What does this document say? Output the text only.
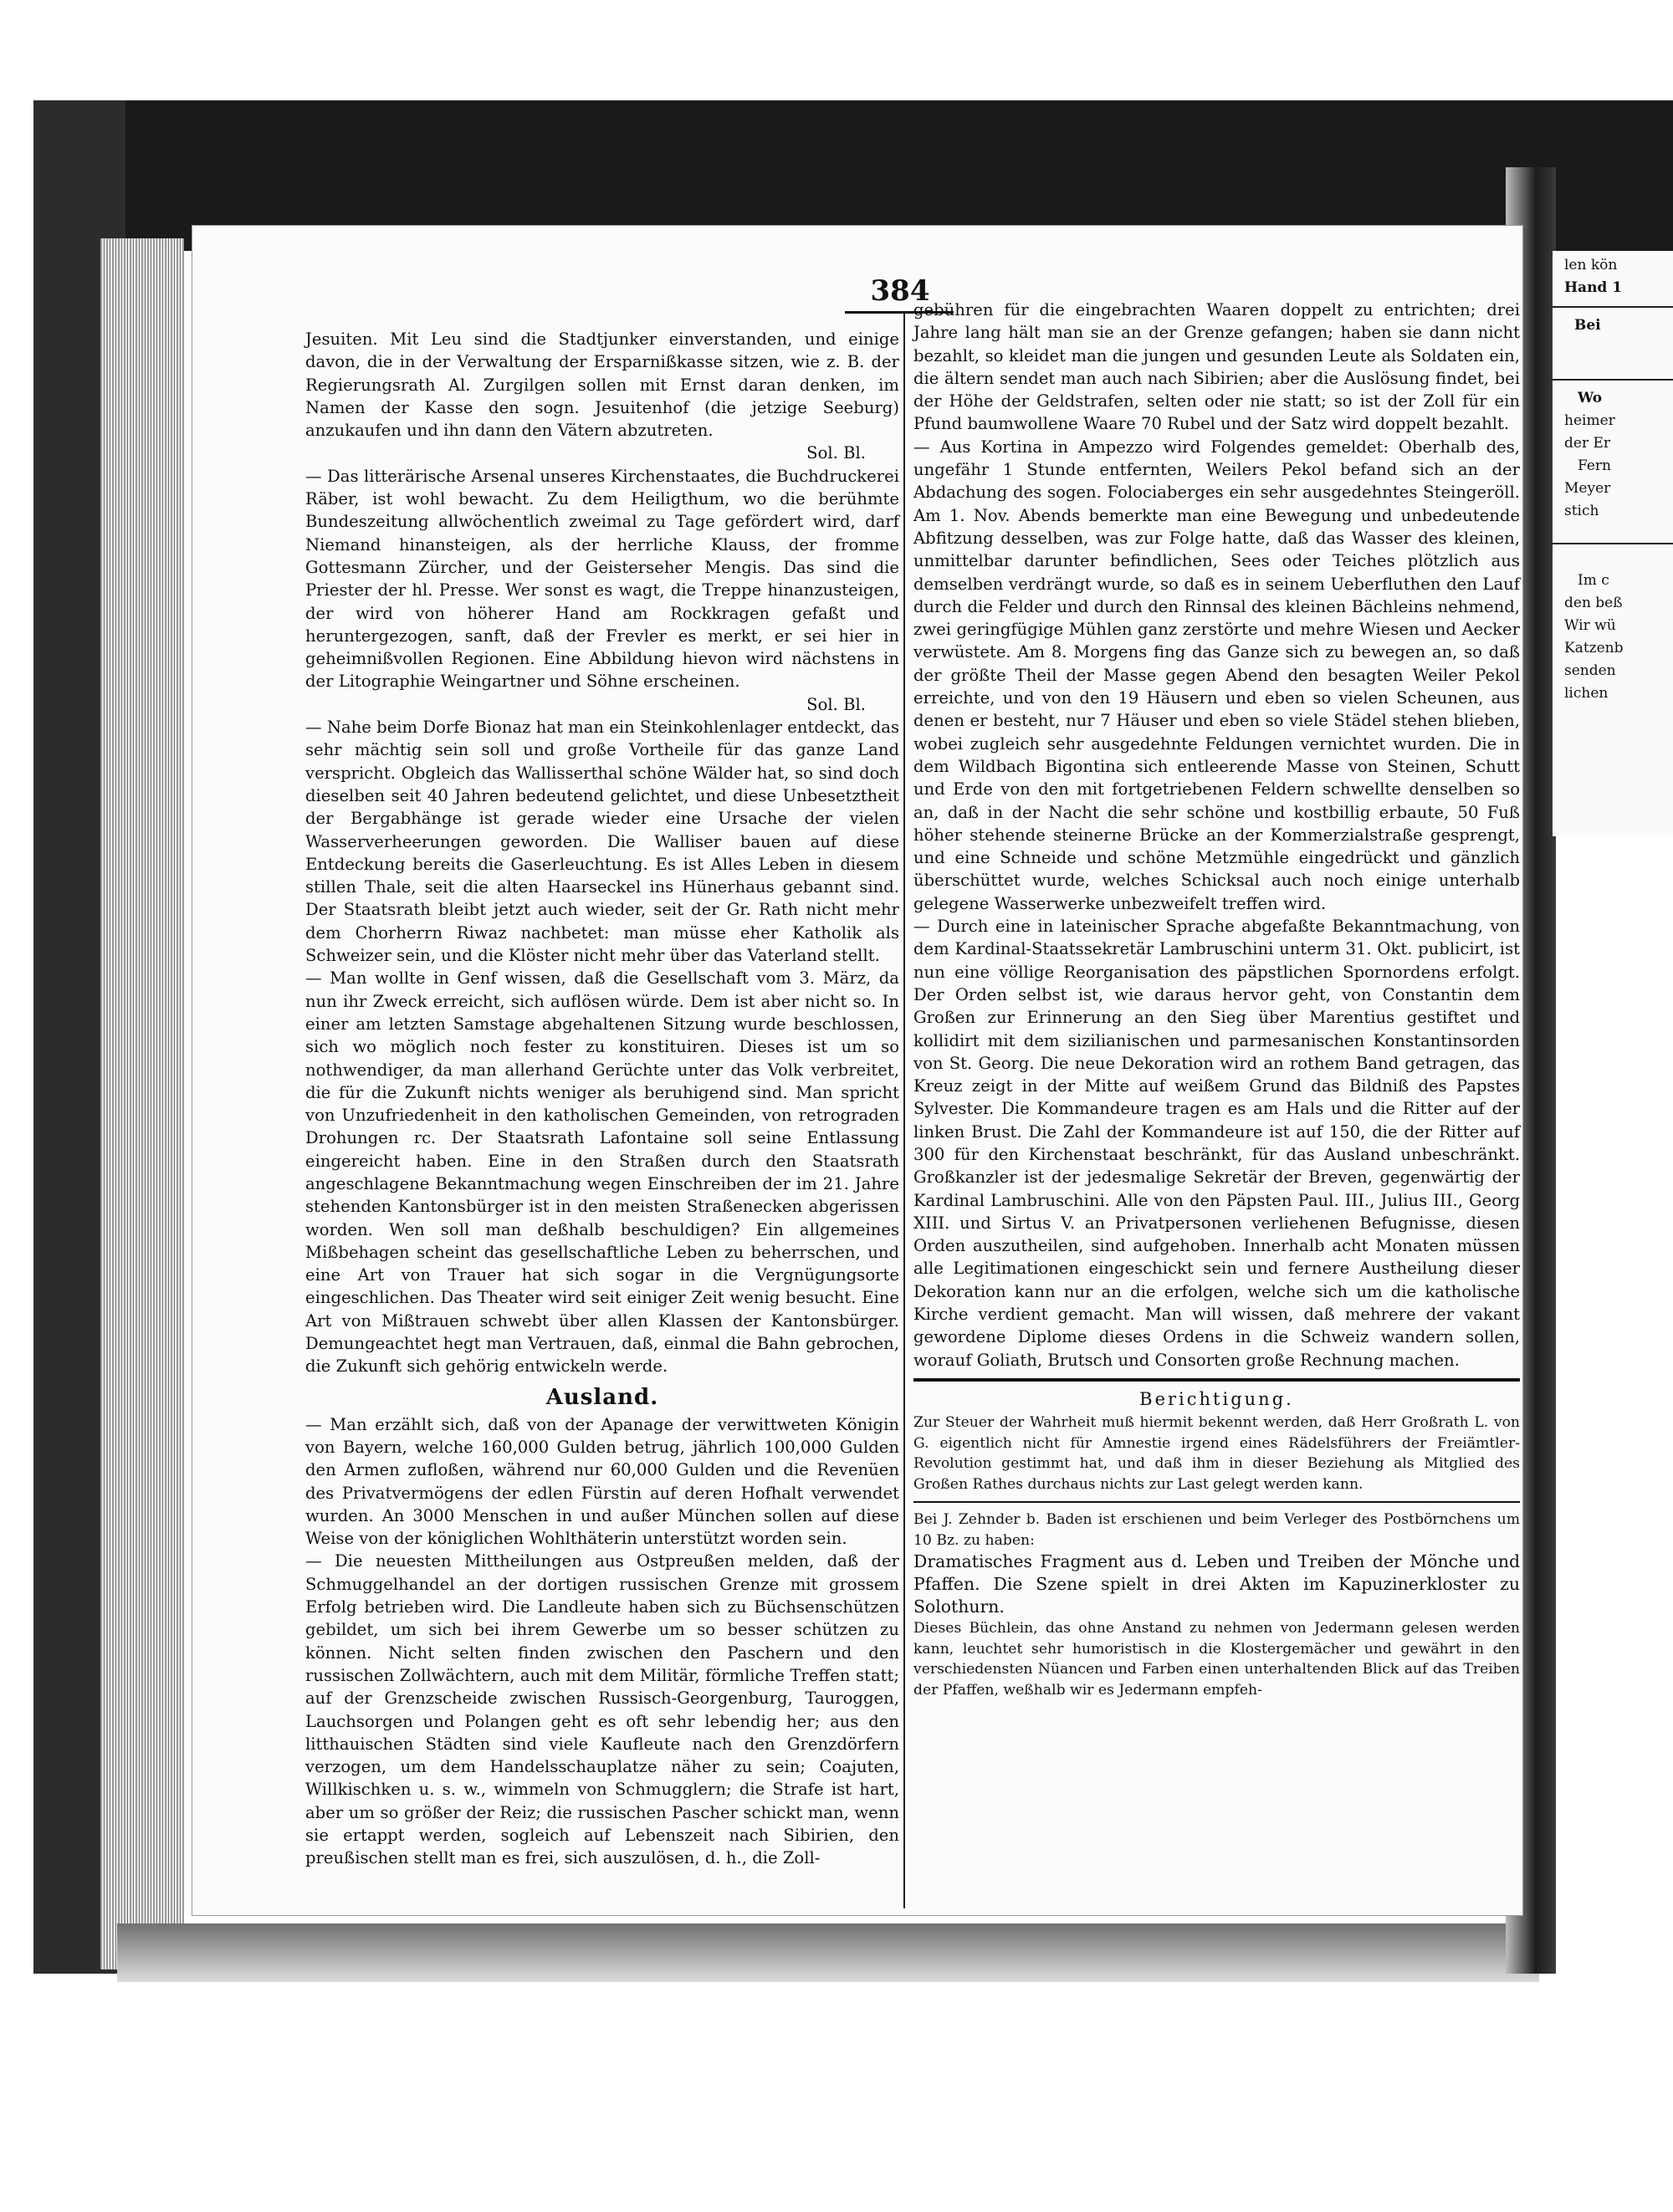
len kön
Hand 1
Bei
Wo
heimer
der Er
Fern
Meyer
stich
Im c
den beß
Wir wü
Katzenb
senden
lichen
384

Jesuiten. Mit Leu sind die Stadtjunker einverstanden, und einige davon, die in der Verwaltung der Ersparnißkasse sitzen, wie z. B. der Regierungsrath Al. Zurgilgen sollen mit Ernst daran denken, im Namen der Kasse den sogn. Jesuitenhof (die jetzige Seeburg) anzukaufen und ihn dann den Vätern abzutreten.

Sol. Bl.

— Das litterärische Arsenal unseres Kirchenstaates, die Buchdruckerei Räber, ist wohl bewacht. Zu dem Heiligthum, wo die berühmte Bundeszeitung allwöchentlich zweimal zu Tage gefördert wird, darf Niemand hinansteigen, als der herrliche Klauss, der fromme Gottesmann Zürcher, und der Geisterseher Mengis. Das sind die Priester der hl. Presse. Wer sonst es wagt, die Treppe hinanzusteigen, der wird von höherer Hand am Rockkragen gefaßt und heruntergezogen, sanft, daß der Frevler es merkt, er sei hier in geheimnißvollen Regionen. Eine Abbildung hievon wird nächstens in der Litographie Weingartner und Söhne erscheinen.

Sol. Bl.

— Nahe beim Dorfe Bionaz hat man ein Steinkohlenlager entdeckt, das sehr mächtig sein soll und große Vortheile für das ganze Land verspricht. Obgleich das Wallisserthal schöne Wälder hat, so sind doch dieselben seit 40 Jahren bedeutend gelichtet, und diese Unbesetztheit der Bergabhänge ist gerade wieder eine Ursache der vielen Wasserverheerungen geworden. Die Walliser bauen auf diese Entdeckung bereits die Gaserleuchtung. Es ist Alles Leben in diesem stillen Thale, seit die alten Haarseckel ins Hünerhaus gebannt sind. Der Staatsrath bleibt jetzt auch wieder, seit der Gr. Rath nicht mehr dem Chorherrn Riwaz nachbetet: man müsse eher Katholik als Schweizer sein, und die Klöster nicht mehr über das Vaterland stellt.

— Man wollte in Genf wissen, daß die Gesellschaft vom 3. März, da nun ihr Zweck erreicht, sich auflösen würde. Dem ist aber nicht so. In einer am letzten Samstage abgehaltenen Sitzung wurde beschlossen, sich wo möglich noch fester zu konstituiren. Dieses ist um so nothwendiger, da man allerhand Gerüchte unter das Volk verbreitet, die für die Zukunft nichts weniger als beruhigend sind. Man spricht von Unzufriedenheit in den katholischen Gemeinden, von retrograden Drohungen rc. Der Staatsrath Lafontaine soll seine Entlassung eingereicht haben. Eine in den Straßen durch den Staatsrath angeschlagene Bekanntmachung wegen Einschreiben der im 21. Jahre stehenden Kantonsbürger ist in den meisten Straßenecken abgerissen worden. Wen soll man deßhalb beschuldigen? Ein allgemeines Mißbehagen scheint das gesellschaftliche Leben zu beherrschen, und eine Art von Trauer hat sich sogar in die Vergnügungsorte eingeschlichen. Das Theater wird seit einiger Zeit wenig besucht. Eine Art von Mißtrauen schwebt über allen Klassen der Kantonsbürger. Demungeachtet hegt man Vertrauen, daß, einmal die Bahn gebrochen, die Zukunft sich gehörig entwickeln werde.

Ausland.

— Man erzählt sich, daß von der Apanage der verwittweten Königin von Bayern, welche 160,000 Gulden betrug, jährlich 100,000 Gulden den Armen zufloßen, während nur 60,000 Gulden und die Revenüen des Privatvermögens der edlen Fürstin auf deren Hofhalt verwendet wurden. An 3000 Menschen in und außer München sollen auf diese Weise von der königlichen Wohlthäterin unterstützt worden sein.

— Die neuesten Mittheilungen aus Ostpreußen melden, daß der Schmuggelhandel an der dortigen russischen Grenze mit grossem Erfolg betrieben wird. Die Landleute haben sich zu Büchsenschützen gebildet, um sich bei ihrem Gewerbe um so besser schützen zu können. Nicht selten finden zwischen den Paschern und den russischen Zollwächtern, auch mit dem Militär, förmliche Treffen statt; auf der Grenzscheide zwischen Russisch-Georgenburg, Tauroggen, Lauchsorgen und Polangen geht es oft sehr lebendig her; aus den litthauischen Städten sind viele Kaufleute nach den Grenzdörfern verzogen, um dem Handelsschauplatze näher zu sein; Coajuten, Willkischken u. s. w., wimmeln von Schmugglern; die Strafe ist hart, aber um so größer der Reiz; die russischen Pascher schickt man, wenn sie ertappt werden, sogleich auf Lebenszeit nach Sibirien, den preußischen stellt man es frei, sich auszulösen, d. h., die Zoll-

gebühren für die eingebrachten Waaren doppelt zu entrichten; drei Jahre lang hält man sie an der Grenze gefangen; haben sie dann nicht bezahlt, so kleidet man die jungen und gesunden Leute als Soldaten ein, die ältern sendet man auch nach Sibirien; aber die Auslösung findet, bei der Höhe der Geldstrafen, selten oder nie statt; so ist der Zoll für ein Pfund baumwollene Waare 70 Rubel und der Satz wird doppelt bezahlt.

— Aus Kortina in Ampezzo wird Folgendes gemeldet: Oberhalb des, ungefähr 1 Stunde entfernten, Weilers Pekol befand sich an der Abdachung des sogen. Folociaberges ein sehr ausgedehntes Steingeröll. Am 1. Nov. Abends bemerkte man eine Bewegung und unbedeutende Abfitzung desselben, was zur Folge hatte, daß das Wasser des kleinen, unmittelbar darunter befindlichen, Sees oder Teiches plötzlich aus demselben verdrängt wurde, so daß es in seinem Ueberfluthen den Lauf durch die Felder und durch den Rinnsal des kleinen Bächleins nehmend, zwei geringfügige Mühlen ganz zerstörte und mehre Wiesen und Aecker verwüstete. Am 8. Morgens fing das Ganze sich zu bewegen an, so daß der größte Theil der Masse gegen Abend den besagten Weiler Pekol erreichte, und von den 19 Häusern und eben so vielen Scheunen, aus denen er besteht, nur 7 Häuser und eben so viele Städel stehen blieben, wobei zugleich sehr ausgedehnte Feldungen vernichtet wurden. Die in dem Wildbach Bigontina sich entleerende Masse von Steinen, Schutt und Erde von den mit fortgetriebenen Feldern schwellte denselben so an, daß in der Nacht die sehr schöne und kostbillig erbaute, 50 Fuß höher stehende steinerne Brücke an der Kommerzialstraße gesprengt, und eine Schneide und schöne Metzmühle eingedrückt und gänzlich überschüttet wurde, welches Schicksal auch noch einige unterhalb gelegene Wasserwerke unbezweifelt treffen wird.

— Durch eine in lateinischer Sprache abgefaßte Bekanntmachung, von dem Kardinal-Staatssekretär Lambruschini unterm 31. Okt. publicirt, ist nun eine völlige Reorganisation des päpstlichen Spornordens erfolgt. Der Orden selbst ist, wie daraus hervor geht, von Constantin dem Großen zur Erinnerung an den Sieg über Marentius gestiftet und kollidirt mit dem sizilianischen und parmesanischen Konstantinsorden von St. Georg. Die neue Dekoration wird an rothem Band getragen, das Kreuz zeigt in der Mitte auf weißem Grund das Bildniß des Papstes Sylvester. Die Kommandeure tragen es am Hals und die Ritter auf der linken Brust. Die Zahl der Kommandeure ist auf 150, die der Ritter auf 300 für den Kirchenstaat beschränkt, für das Ausland unbeschränkt. Großkanzler ist der jedesmalige Sekretär der Breven, gegenwärtig der Kardinal Lambruschini. Alle von den Päpsten Paul. III., Julius III., Georg XIII. und Sirtus V. an Privatpersonen verliehenen Befugnisse, diesen Orden auszutheilen, sind aufgehoben. Innerhalb acht Monaten müssen alle Legitimationen eingeschickt sein und fernere Austheilung dieser Dekoration kann nur an die erfolgen, welche sich um die katholische Kirche verdient gemacht. Man will wissen, daß mehrere der vakant gewordene Diplome dieses Ordens in die Schweiz wandern sollen, worauf Goliath, Brutsch und Consorten große Rechnung machen.

Berichtigung.

Zur Steuer der Wahrheit muß hiermit bekennt werden, daß Herr Großrath L. von G. eigentlich nicht für Amnestie irgend eines Rädelsführers der Freiämtler-Revolution gestimmt hat, und daß ihm in dieser Beziehung als Mitglied des Großen Rathes durchaus nichts zur Last gelegt werden kann.

Bei J. Zehnder b. Baden ist erschienen und beim Verleger des Postbörnchens um 10 Bz. zu haben:

Dramatisches Fragment aus d. Leben und Treiben der Mönche und Pfaffen. Die Szene spielt in drei Akten im Kapuzinerkloster zu Solothurn.

Dieses Büchlein, das ohne Anstand zu nehmen von Jedermann gelesen werden kann, leuchtet sehr humoristisch in die Klostergemächer und gewährt in den verschiedensten Nüancen und Farben einen unterhaltenden Blick auf das Treiben der Pfaffen, weßhalb wir es Jedermann empfeh-
